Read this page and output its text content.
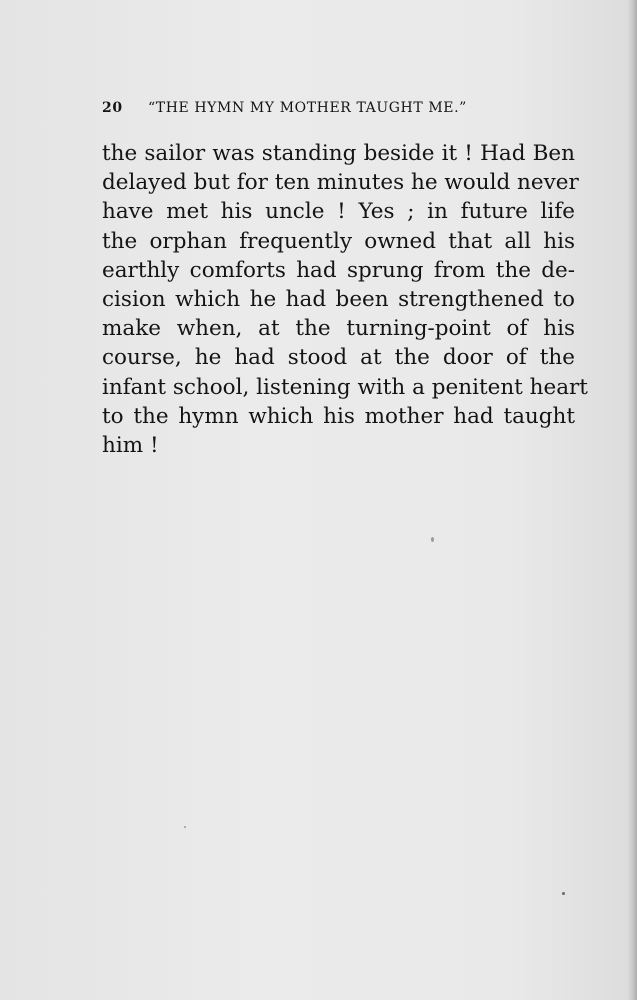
20 “THE HYMN MY MOTHER TAUGHT ME.”
the sailor was standing beside it ! Had Ben
delayed but for ten minutes he would never
have met his uncle ! Yes ; in future life
the orphan frequently owned that all his
earthly comforts had sprung from the de-
cision which he had been strengthened to
make when, at the turning-point of his
course, he had stood at the door of the
infant school, listening with a penitent heart
to the hymn which his mother had taught
him !
